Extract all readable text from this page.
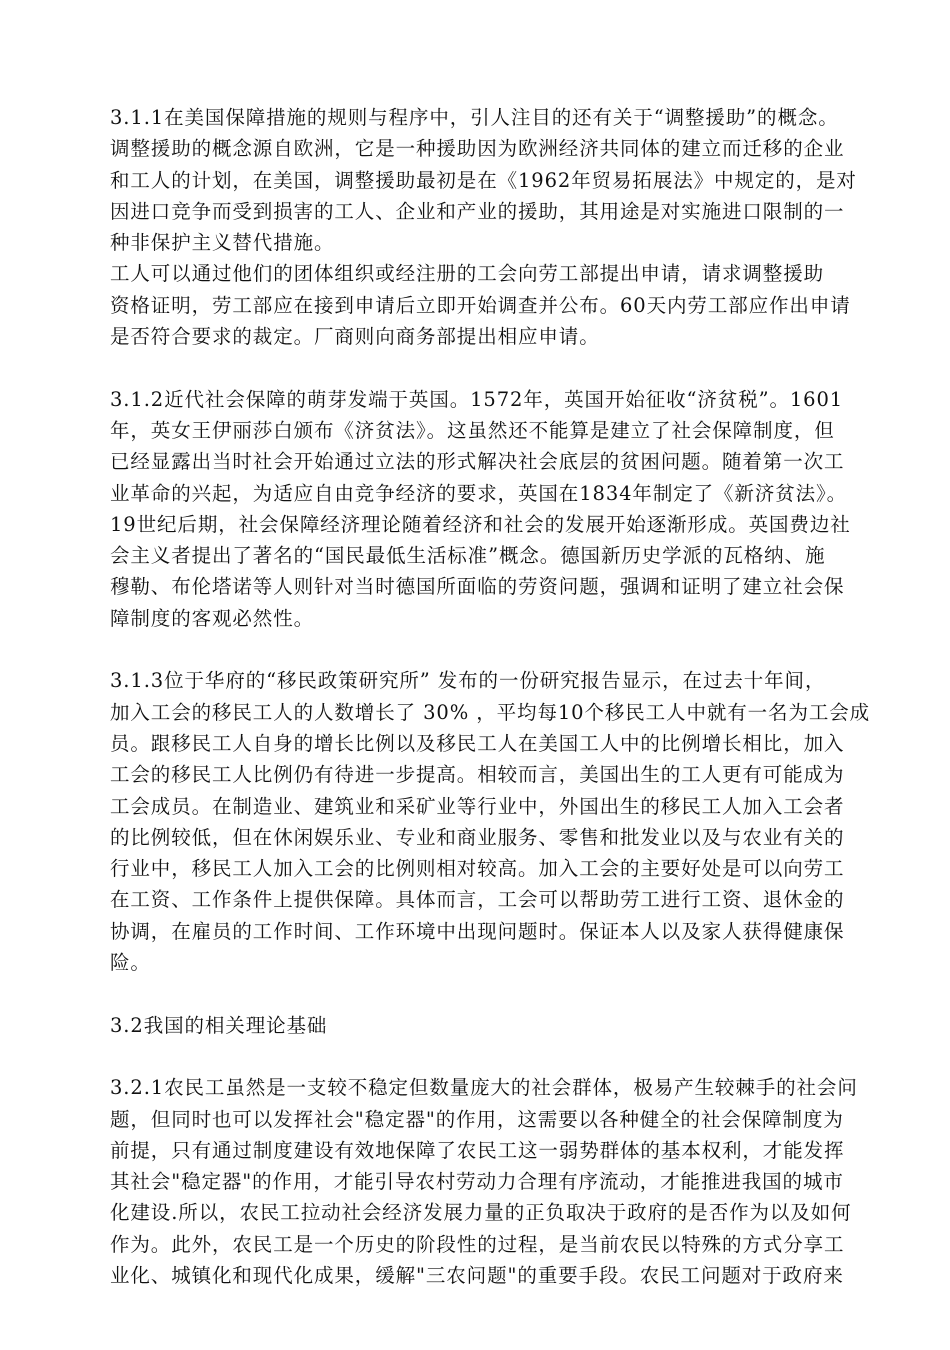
3.1.1在美国保障措施的规则与程序中，引人注目的还有关于“调整援助”的概念。
调整援助的概念源自欧洲，它是一种援助因为欧洲经济共同体的建立而迁移的企业
和工人的计划，在美国，调整援助最初是在《1962年贸易拓展法》中规定的，是对
因进口竞争而受到损害的工人、企业和产业的援助，其用途是对实施进口限制的一
种非保护主义替代措施。
工人可以通过他们的团体组织或经注册的工会向劳工部提出申请，请求调整援助
资格证明，劳工部应在接到申请后立即开始调查并公布。60天内劳工部应作出申请
是否符合要求的裁定。厂商则向商务部提出相应申请。
3.1.2近代社会保障的萌芽发端于英国。1572年，英国开始征收“济贫税”。1601
年，英女王伊丽莎白颁布《济贫法》。这虽然还不能算是建立了社会保障制度，但
已经显露出当时社会开始通过立法的形式解决社会底层的贫困问题。随着第一次工
业革命的兴起，为适应自由竞争经济的要求，英国在1834年制定了《新济贫法》。
19世纪后期，社会保障经济理论随着经济和社会的发展开始逐渐形成。英国费边社
会主义者提出了著名的“国民最低生活标准”概念。德国新历史学派的瓦格纳、施
穆勒、布伦塔诺等人则针对当时德国所面临的劳资问题，强调和证明了建立社会保
障制度的客观必然性。
3.1.3位于华府的“移民政策研究所” 发布的一份研究报告显示，在过去十年间，
加入工会的移民工人的人数增长了 30% ，平均每10个移民工人中就有一名为工会成
员。跟移民工人自身的增长比例以及移民工人在美国工人中的比例增长相比，加入
工会的移民工人比例仍有待进一步提高。相较而言，美国出生的工人更有可能成为
工会成员。在制造业、建筑业和采矿业等行业中，外国出生的移民工人加入工会者
的比例较低，但在休闲娱乐业、专业和商业服务、零售和批发业以及与农业有关的
行业中，移民工人加入工会的比例则相对较高。加入工会的主要好处是可以向劳工
在工资、工作条件上提供保障。具体而言，工会可以帮助劳工进行工资、退休金的
协调，在雇员的工作时间、工作环境中出现问题时。保证本人以及家人获得健康保
险。
3.2我国的相关理论基础
3.2.1农民工虽然是一支较不稳定但数量庞大的社会群体，极易产生较棘手的社会问
题，但同时也可以发挥社会"稳定器"的作用，这需要以各种健全的社会保障制度为
前提，只有通过制度建设有效地保障了农民工这一弱势群体的基本权利，才能发挥
其社会"稳定器"的作用，才能引导农村劳动力合理有序流动，才能推进我国的城市
化建设.所以，农民工拉动社会经济发展力量的正负取决于政府的是否作为以及如何
作为。此外，农民工是一个历史的阶段性的过程，是当前农民以特殊的方式分享工
业化、城镇化和现代化成果，缓解"三农问题"的重要手段。农民工问题对于政府来
